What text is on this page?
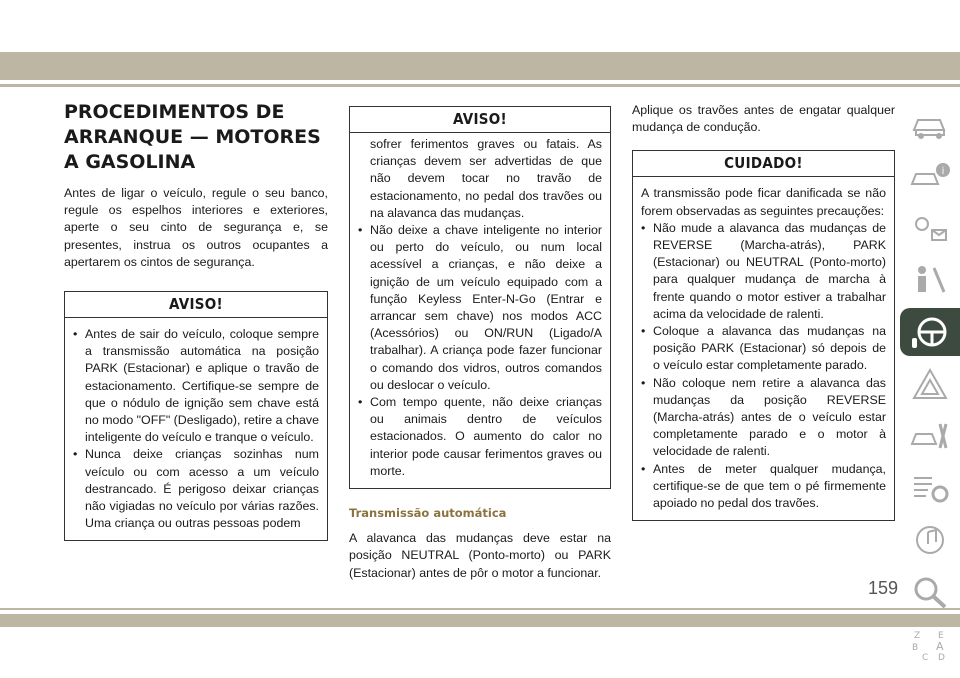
PROCEDIMENTOS DE ARRANQUE — MOTORES A GASOLINA

Antes de ligar o veículo, regule o seu banco, regule os espelhos interiores e exteriores, aperte o seu cinto de segurança e, se presentes, instrua os outros ocupantes a apertarem os cintos de segurança.

AVISO!
• Antes de sair do veículo, coloque sempre a transmissão automática na posição PARK (Estacionar) e aplique o travão de estacionamento. Certifique-se sempre de que o nódulo de ignição sem chave está no modo "OFF" (Desligado), retire a chave inteligente do veículo e tranque o veículo.
• Nunca deixe crianças sozinhas num veículo ou com acesso a um veículo destrancado. É perigoso deixar crianças não vigiadas no veículo por várias razões. Uma criança ou outras pessoas podem
AVISO!
sofrer ferimentos graves ou fatais. As crianças devem ser advertidas de que não devem tocar no travão de estacionamento, no pedal dos travões ou na alavanca das mudanças.
• Não deixe a chave inteligente no interior ou perto do veículo, ou num local acessível a crianças, e não deixe a ignição de um veículo equipado com a função Keyless Enter-N-Go (Entrar e arrancar sem chave) nos modos ACC (Acessórios) ou ON/RUN (Ligado/A trabalhar). A criança pode fazer funcionar o comando dos vidros, outros comandos ou deslocar o veículo.
• Com tempo quente, não deixe crianças ou animais dentro de veículos estacionados. O aumento do calor no interior pode causar ferimentos graves ou morte.
Transmissão automática

A alavanca das mudanças deve estar na posição NEUTRAL (Ponto-morto) ou PARK (Estacionar) antes de pôr o motor a funcionar.

Aplique os travões antes de engatar qualquer mudança de condução.

CUIDADO!

A transmissão pode ficar danificada se não forem observadas as seguintes precauções:

• Não mude a alavanca das mudanças de REVERSE (Marcha-atrás), PARK (Estacionar) ou NEUTRAL (Ponto-morto) para qualquer mudança de marcha à frente quando o motor estiver a trabalhar acima da velocidade de ralenti.
• Coloque a alavanca das mudanças na posição PARK (Estacionar) só depois de o veículo estar completamente parado.
• Não coloque nem retire a alavanca das mudanças da posição REVERSE (Marcha-atrás) antes de o veículo estar completamente parado e o motor à velocidade de ralenti.
• Antes de meter qualquer mudança, certifique-se de que tem o pé firmemente apoiado no pedal dos travões.
i
Z E
B A
C D
159
